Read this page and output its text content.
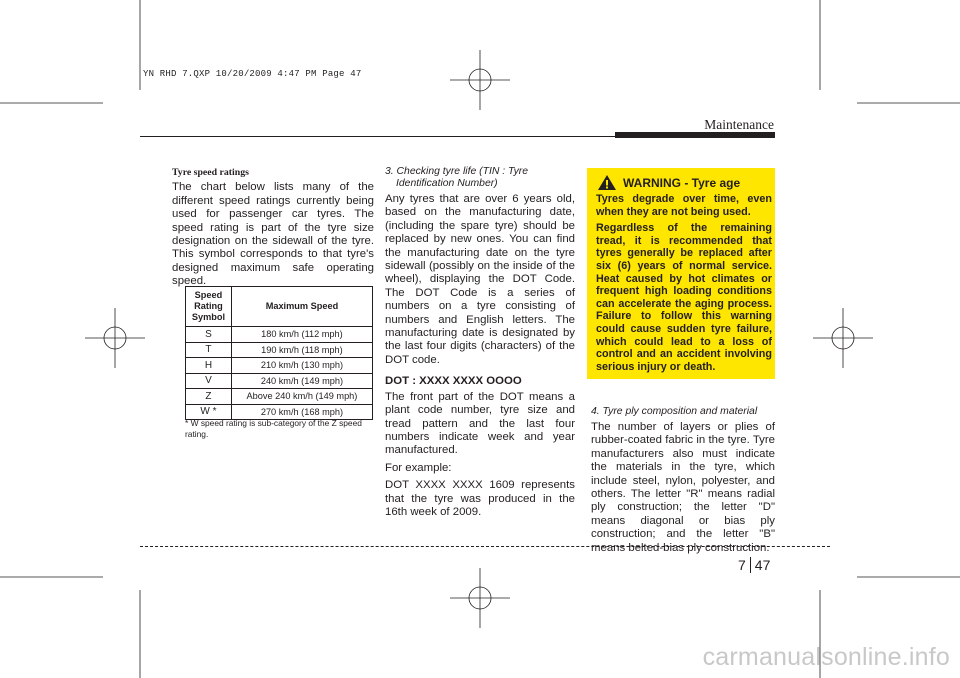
YN RHD 7.QXP 10/20/2009 4:47 PM Page 47
Maintenance
Tyre speed ratings

The chart below lists many of the different speed ratings currently being used for passenger car tyres. The speed rating is part of the tyre size designation on the sidewall of the tyre. This symbol corresponds to that tyre's designed maximum safe operating speed.

Speed
Rating
Symbol	Maximum Speed
S	180 km/h (112 mph)
T	190 km/h (118 mph)
H	210 km/h (130 mph)
V	240 km/h (149 mph)
Z	Above 240 km/h (149 mph)
W *	270 km/h (168 mph)
* W speed rating is sub-category of the Z speed rating.
3. Checking tyre life (TIN : Tyre
Identification Number)

Any tyres that are over 6 years old, based on the manufacturing date, (including the spare tyre) should be replaced by new ones. You can find the manufacturing date on the tyre sidewall (possibly on the inside of the wheel), displaying the DOT Code. The DOT Code is a series of numbers on a tyre consisting of numbers and English letters. The manufacturing date is designated by the last four digits (characters) of the DOT code.

DOT : XXXX XXXX OOOO

The front part of the DOT means a plant code number, tyre size and tread pattern and the last four numbers indicate week and year manufactured.

For example:

DOT XXXX XXXX 1609 represents that the tyre was produced in the 16th week of 2009.

WARNING - Tyre age

Tyres degrade over time, even when they are not being used.

Regardless of the remaining tread, it is recommended that tyres generally be replaced after six (6) years of normal service. Heat caused by hot climates or frequent high loading conditions can accelerate the aging process. Failure to follow this warning could cause sudden tyre failure, which could lead to a loss of control and an accident involving serious injury or death.

4. Tyre ply composition and material

The number of layers or plies of rubber-coated fabric in the tyre. Tyre manufacturers also must indicate the materials in the tyre, which include steel, nylon, polyester, and others. The letter "R" means radial ply construction; the letter "D" means diagonal or bias ply construction; and the letter "B" means belted-bias ply construction.

7 47
carmanualsonline.info
